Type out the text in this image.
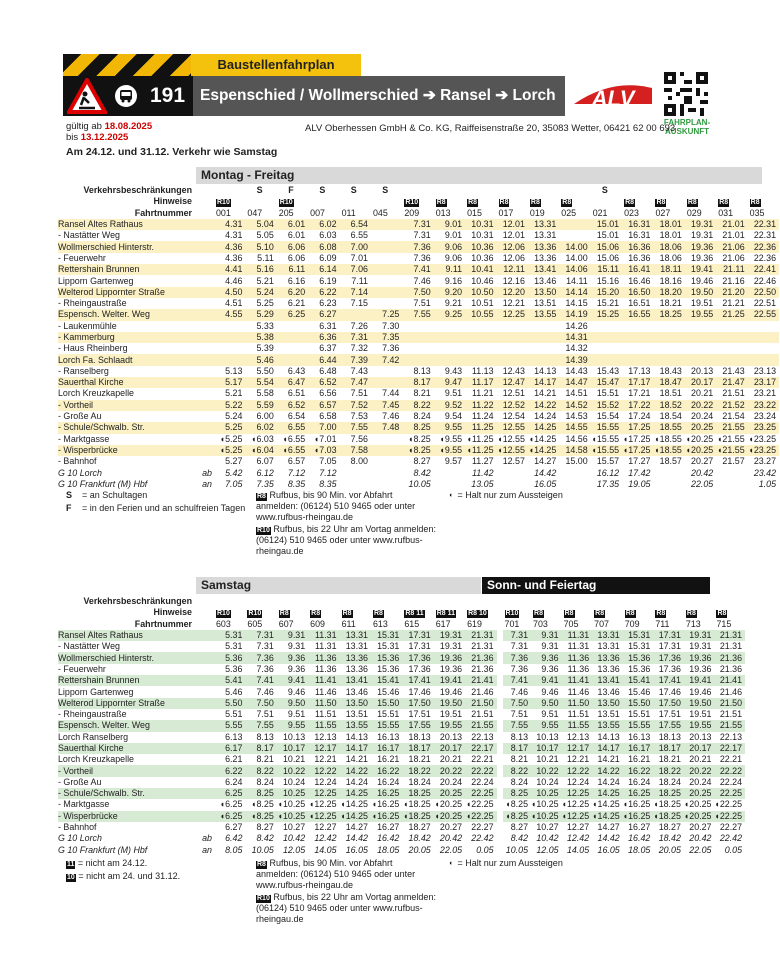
Baustellenfahrplan
191 Espenschied / Wollmerschied ➔ Ransel ➔ Lorch ALV
FAHRPLAN-AUSKUNFT
gültig ab 18.08.2025
bis 13.12.2025
ALV Oberhessen GmbH & Co. KG, Raiffeisenstraße 20, 35083 Wetter, 06421 62 00 693
Am 24.12. und 31.12. Verkehr wie Samstag
Montag - Freitag
Verkehrsbeschränkungen			S	F	S	S	S							S					
Hinweise		R10		R10				R10	R8	R8	R8	R8	R8		R8	R8	R8	R8	R8
Fahrtnummer		001	047	205	007	011	045	209	013	015	017	019	025	021	023	027	029	031	035
Ransel Altes Rathaus		4.31	5.04	6.01	6.02	6.54		7.31	9.01	10.31	12.01	13.31		15.01	16.31	18.01	19.31	21.01	22.31
- Nastätter Weg		4.31	5.05	6.01	6.03	6.55		7.31	9.01	10.31	12.01	13.31		15.01	16.31	18.01	19.31	21.01	22.31
Wollmerschied Hinterstr.		4.36	5.10	6.06	6.08	7.00		7.36	9.06	10.36	12.06	13.36	14.00	15.06	16.36	18.06	19.36	21.06	22.36
- Feuerwehr		4.36	5.11	6.06	6.09	7.01		7.36	9.06	10.36	12.06	13.36	14.00	15.06	16.36	18.06	19.36	21.06	22.36
Rettershain Brunnen		4.41	5.16	6.11	6.14	7.06		7.41	9.11	10.41	12.11	13.41	14.06	15.11	16.41	18.11	19.41	21.11	22.41
Lipporn Gartenweg		4.46	5.21	6.16	6.19	7.11		7.46	9.16	10.46	12.16	13.46	14.11	15.16	16.46	18.16	19.46	21.16	22.46
Welterod Lippornter Straße		4.50	5.24	6.20	6.22	7.14		7.50	9.20	10.50	12.20	13.50	14.14	15.20	16.50	18.20	19.50	21.20	22.50
- Rheingaustraße		4.51	5.25	6.21	6.23	7.15		7.51	9.21	10.51	12.21	13.51	14.15	15.21	16.51	18.21	19.51	21.21	22.51
Espensch. Welter. Weg		4.55	5.29	6.25	6.27		7.25	7.55	9.25	10.55	12.25	13.55	14.19	15.25	16.55	18.25	19.55	21.25	22.55
- Laukenmühle			5.33		6.31	7.26	7.30						14.26						
- Kammerburg			5.38		6.36	7.31	7.35						14.31						
- Haus Rheinberg			5.39		6.37	7.32	7.36						14.32						
Lorch Fa. Schlaadt			5.46		6.44	7.39	7.42						14.39						
- Ranselberg		5.13	5.50	6.43	6.48	7.43		8.13	9.43	11.13	12.43	14.13	14.43	15.43	17.13	18.43	20.13	21.43	23.13
Sauerthal Kirche		5.17	5.54	6.47	6.52	7.47		8.17	9.47	11.17	12.47	14.17	14.47	15.47	17.17	18.47	20.17	21.47	23.17
Lorch Kreuzkapelle		5.21	5.58	6.51	6.56	7.51	7.44	8.21	9.51	11.21	12.51	14.21	14.51	15.51	17.21	18.51	20.21	21.51	23.21
- Vortheil		5.22	5.59	6.52	6.57	7.52	7.45	8.22	9.52	11.22	12.52	14.22	14.52	15.52	17.22	18.52	20.22	21.52	23.22
- Große Au		5.24	6.00	6.54	6.58	7.53	7.46	8.24	9.54	11.24	12.54	14.24	14.53	15.54	17.24	18.54	20.24	21.54	23.24
- Schule/Schwalb. Str.		5.25	6.02	6.55	7.00	7.55	7.48	8.25	9.55	11.25	12.55	14.25	14.55	15.55	17.25	18.55	20.25	21.55	23.25
- Marktgasse		◖5.25	◖6.03	◖6.55	◖7.01	7.56		◖8.25	◖9.55	◖11.25	◖12.55	◖14.25	14.56	◖15.55	◖17.25	◖18.55	◖20.25	◖21.55	◖23.25
- Wisperbrücke		◖5.25	◖6.04	◖6.55	◖7.03	7.58		◖8.25	◖9.55	◖11.25	◖12.55	◖14.25	14.58	◖15.55	◖17.25	◖18.55	◖20.25	◖21.55	◖23.25
- Bahnhof		5.27	6.07	6.57	7.05	8.00		8.27	9.57	11.27	12.57	14.27	15.00	15.57	17.27	18.57	20.27	21.57	23.27
G 10 Lorch	ab	5.42	6.12	7.12	7.12			8.42		11.42		14.42		16.12	17.42		20.42		23.42
G 10 Frankfurt (M) Hbf	an	7.05	7.35	8.35	8.35			10.05		13.05		16.05		17.35	19.05		22.05		1.05
S = an Schultagen
F = in den Ferien und an schulfreien Tagen
R8 Rufbus, bis 90 Min. vor Abfahrt anmelden: (06124) 510 9465 oder unter www.rufbus-rheingau.de
R10 Rufbus, bis 22 Uhr am Vortag anmelden: (06124) 510 9465 oder unter www.rufbus-rheingau.de
◖ = Halt nur zum Aussteigen
Samstag	Sonn- und Feiertag
Verkehrsbeschränkungen																			
Hinweise		R10	R10	R8	R8	R8	R8	R8 11	R8 11	R8 10		R10	R8	R8	R8	R8	R8	R8	R8
Fahrtnummer		603	605	607	609	611	613	615	617	619		701	703	705	707	709	711	713	715
Ransel Altes Rathaus		5.31	7.31	9.31	11.31	13.31	15.31	17.31	19.31	21.31		7.31	9.31	11.31	13.31	15.31	17.31	19.31	21.31
- Nastätter Weg		5.31	7.31	9.31	11.31	13.31	15.31	17.31	19.31	21.31		7.31	9.31	11.31	13.31	15.31	17.31	19.31	21.31
Wollmerschied Hinterstr.		5.36	7.36	9.36	11.36	13.36	15.36	17.36	19.36	21.36		7.36	9.36	11.36	13.36	15.36	17.36	19.36	21.36
- Feuerwehr		5.36	7.36	9.36	11.36	13.36	15.36	17.36	19.36	21.36		7.36	9.36	11.36	13.36	15.36	17.36	19.36	21.36
Rettershain Brunnen		5.41	7.41	9.41	11.41	13.41	15.41	17.41	19.41	21.41		7.41	9.41	11.41	13.41	15.41	17.41	19.41	21.41
Lipporn Gartenweg		5.46	7.46	9.46	11.46	13.46	15.46	17.46	19.46	21.46		7.46	9.46	11.46	13.46	15.46	17.46	19.46	21.46
Welterod Lippornter Straße		5.50	7.50	9.50	11.50	13.50	15.50	17.50	19.50	21.50		7.50	9.50	11.50	13.50	15.50	17.50	19.50	21.50
- Rheingaustraße		5.51	7.51	9.51	11.51	13.51	15.51	17.51	19.51	21.51		7.51	9.51	11.51	13.51	15.51	17.51	19.51	21.51
Espensch. Welter. Weg		5.55	7.55	9.55	11.55	13.55	15.55	17.55	19.55	21.55		7.55	9.55	11.55	13.55	15.55	17.55	19.55	21.55
Lorch Ranselberg		6.13	8.13	10.13	12.13	14.13	16.13	18.13	20.13	22.13		8.13	10.13	12.13	14.13	16.13	18.13	20.13	22.13
Sauerthal Kirche		6.17	8.17	10.17	12.17	14.17	16.17	18.17	20.17	22.17		8.17	10.17	12.17	14.17	16.17	18.17	20.17	22.17
Lorch Kreuzkapelle		6.21	8.21	10.21	12.21	14.21	16.21	18.21	20.21	22.21		8.21	10.21	12.21	14.21	16.21	18.21	20.21	22.21
- Vortheil		6.22	8.22	10.22	12.22	14.22	16.22	18.22	20.22	22.22		8.22	10.22	12.22	14.22	16.22	18.22	20.22	22.22
- Große Au		6.24	8.24	10.24	12.24	14.24	16.24	18.24	20.24	22.24		8.24	10.24	12.24	14.24	16.24	18.24	20.24	22.24
- Schule/Schwalb. Str.		6.25	8.25	10.25	12.25	14.25	16.25	18.25	20.25	22.25		8.25	10.25	12.25	14.25	16.25	18.25	20.25	22.25
- Marktgasse		◖6.25	◖8.25	◖10.25	◖12.25	◖14.25	◖16.25	◖18.25	◖20.25	◖22.25		◖8.25	◖10.25	◖12.25	◖14.25	◖16.25	◖18.25	◖20.25	◖22.25
- Wisperbrücke		◖6.25	◖8.25	◖10.25	◖12.25	◖14.25	◖16.25	◖18.25	◖20.25	◖22.25		◖8.25	◖10.25	◖12.25	◖14.25	◖16.25	◖18.25	◖20.25	◖22.25
- Bahnhof		6.27	8.27	10.27	12.27	14.27	16.27	18.27	20.27	22.27		8.27	10.27	12.27	14.27	16.27	18.27	20.27	22.27
G 10 Lorch	ab	6.42	8.42	10.42	12.42	14.42	16.42	18.42	20.42	22.42		8.42	10.42	12.42	14.42	16.42	18.42	20.42	22.42
G 10 Frankfurt (M) Hbf	an	8.05	10.05	12.05	14.05	16.05	18.05	20.05	22.05	0.05		10.05	12.05	14.05	16.05	18.05	20.05	22.05	0.05
11 = nicht am 24.12.
10 = nicht am 24. und 31.12.
R8 Rufbus, bis 90 Min. vor Abfahrt anmelden: (06124) 510 9465 oder unter www.rufbus-rheingau.de
R10 Rufbus, bis 22 Uhr am Vortag anmelden: (06124) 510 9465 oder unter www.rufbus-rheingau.de
◖ = Halt nur zum Aussteigen
